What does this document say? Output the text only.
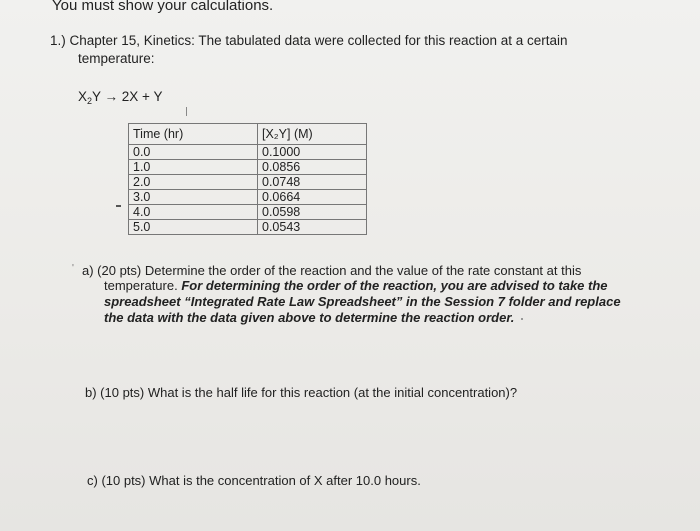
You must show your calculations.
1.) Chapter 15, Kinetics: The tabulated data were collected for this reaction at a certain
temperature:
$X_2Y \to 2X + Y$
Time (hr)	[X₂Y] (M)
0.0	0.1000
1.0	0.0856
2.0	0.0748
3.0	0.0664
4.0	0.0598
5.0	0.0543
' a) (20 pts) Determine the order of the reaction and the value of the rate constant at this
temperature. For determining the order of the reaction, you are advised to take the
spreadsheet “Integrated Rate Law Spreadsheet” in the Session 7 folder and replace
the data with the data given above to determine the reaction order.
b) (10 pts) What is the half life for this reaction (at the initial concentration)?
c) (10 pts) What is the concentration of X after 10.0 hours.
